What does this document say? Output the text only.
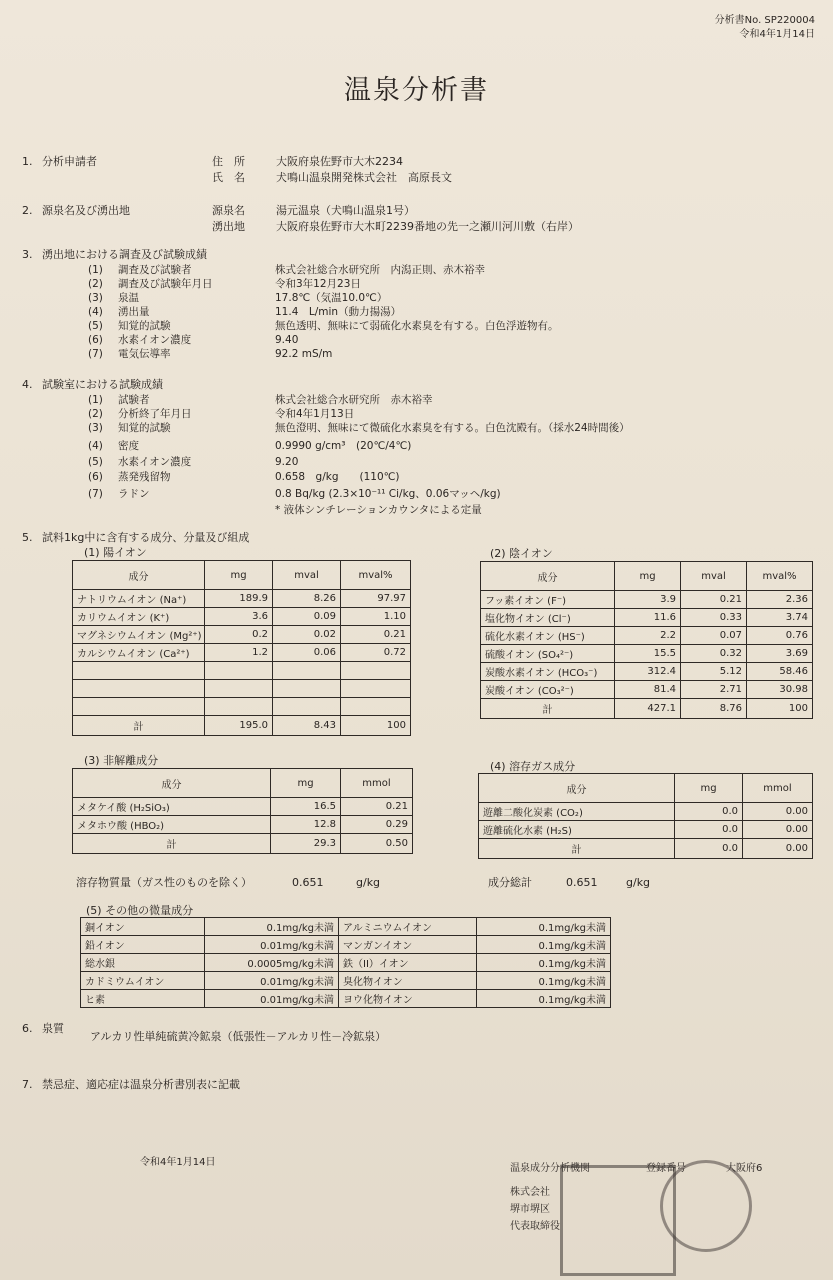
分析書No. SP220004
令和4年1月14日
温泉分析書
1. 分析申請者	住　所	大阪府泉佐野市大木2234
氏　名	犬鳴山温泉開発株式会社　高原長文
2. 源泉名及び湧出地	源泉名	湯元温泉（犬鳴山温泉1号）
湧出地	大阪府泉佐野市大木町2239番地の先一之瀬川河川敷（右岸）
3. 湧出地における調査及び試験成績
(1) 調査及び試験者	株式会社総合水研究所　内潟正則、赤木裕幸
(2) 調査及び試験年月日	令和3年12月23日
(3) 泉温	17.8℃（気温10.0℃）
(4) 湧出量	11.4　L/min（動力揚湯）
(5) 知覚的試験	無色透明、無味にて弱硫化水素臭を有する。白色浮遊物有。
(6) 水素イオン濃度	9.40
(7) 電気伝導率	92.2 mS/m
4. 試験室における試験成績
(1) 試験者	株式会社総合水研究所　赤木裕幸
(2) 分析終了年月日	令和4年1月13日
(3) 知覚的試験	無色澄明、無味にて微硫化水素臭を有する。白色沈殿有。（採水24時間後）
(4) 密度	0.9990 g/cm³　(20℃/4℃)
(5) 水素イオン濃度	9.20
(6) 蒸発残留物	0.658　g/kg　　(110℃)
(7) ラドン	0.8 Bq/kg (2.3×10⁻¹¹ Ci/kg、0.06マッヘ/kg)
* 液体シンチレーションカウンタによる定量
5. 試料1kg中に含有する成分、分量及び組成
(1) 陽イオン
成分	mg	mval	mval%
ナトリウムイオン (Na⁺)	189.9	8.26	97.97
カリウムイオン (K⁺)	3.6	0.09	1.10
マグネシウムイオン (Mg²⁺)	0.2	0.02	0.21
カルシウムイオン (Ca²⁺)	1.2	0.06	0.72

計	195.0	8.43	100
(2) 陰イオン
成分	mg	mval	mval%
フッ素イオン (F⁻)	3.9	0.21	2.36
塩化物イオン (Cl⁻)	11.6	0.33	3.74
硫化水素イオン (HS⁻)	2.2	0.07	0.76
硫酸イオン (SO₄²⁻)	15.5	0.32	3.69
炭酸水素イオン (HCO₃⁻)	312.4	5.12	58.46
炭酸イオン (CO₃²⁻)	81.4	2.71	30.98
計	427.1	8.76	100
(3) 非解離成分
成分	mg	mmol
メタケイ酸 (H₂SiO₃)	16.5	0.21
メタホウ酸 (HBO₂)	12.8	0.29
計	29.3	0.50
(4) 溶存ガス成分
成分	mg	mmol
遊離二酸化炭素 (CO₂)	0.0	0.00
遊離硫化水素 (H₂S)	0.0	0.00
計	0.0	0.00
溶存物質量（ガス性のものを除く）	0.651	g/kg	成分総計	0.651	g/kg
(5) その他の微量成分
銅イオン	0.1mg/kg未満	アルミニウムイオン	0.1mg/kg未満
鉛イオン	0.01mg/kg未満	マンガンイオン	0.1mg/kg未満
総水銀	0.0005mg/kg未満	鉄（II）イオン	0.1mg/kg未満
カドミウムイオン	0.01mg/kg未満	臭化物イオン	0.1mg/kg未満
ヒ素	0.01mg/kg未満	ヨウ化物イオン	0.1mg/kg未満
6. 泉質
アルカリ性単純硫黄冷鉱泉（低張性－アルカリ性－冷鉱泉）
7. 禁忌症、適応症は温泉分析書別表に記載
令和4年1月14日
温泉成分分析機関	登録番号	大阪府6
株式会社
堺市堺区
代表取締役
